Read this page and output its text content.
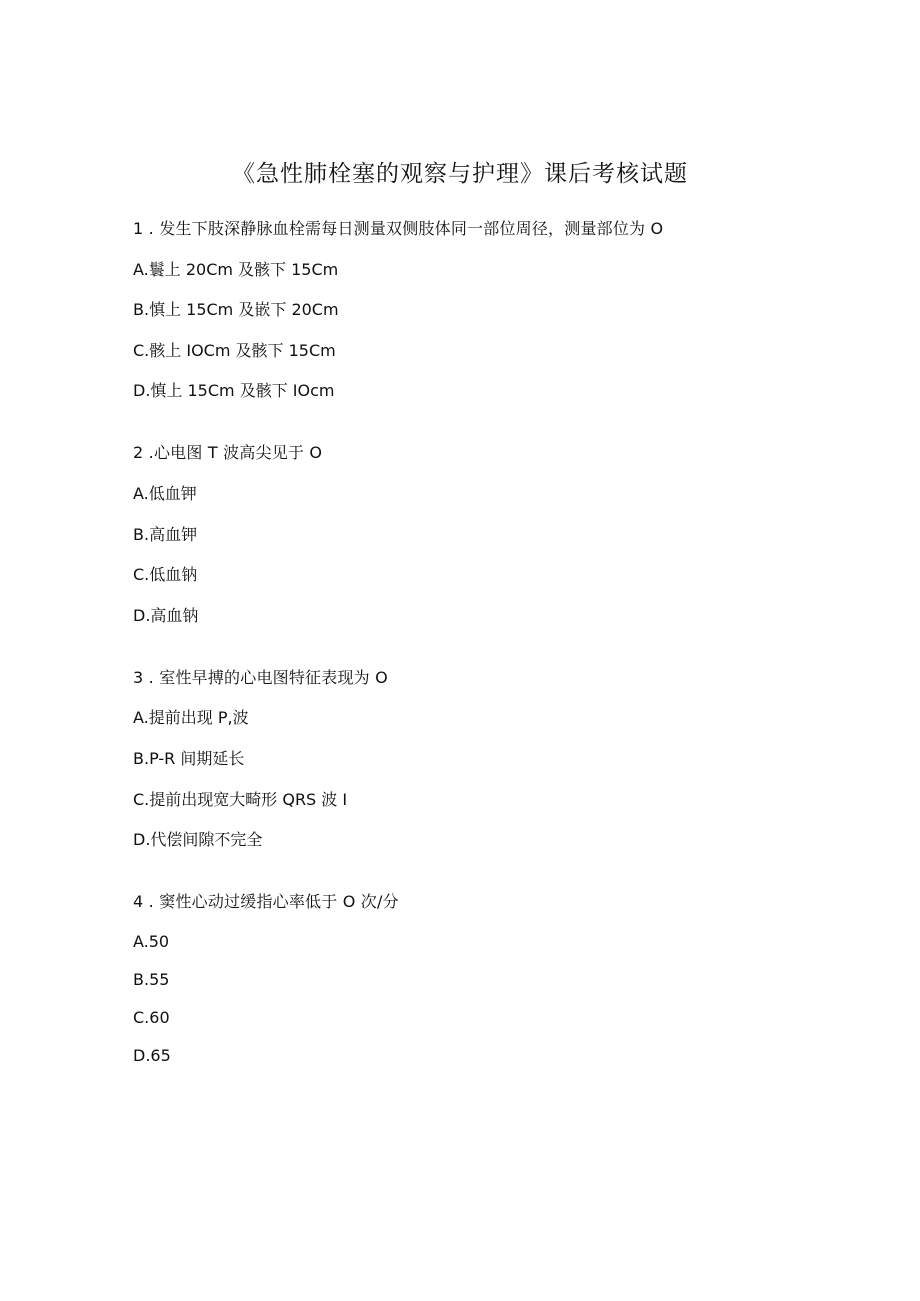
《急性肺栓塞的观察与护理》课后考核试题
1 . 发生下肢深静脉血栓需每日测量双侧肢体同一部位周径，测量部位为 O
A.鬟上 20Cm 及骸下 15Cm
B.慎上 15Cm 及嵌下 20Cm
C.骸上 IOCm 及骸下 15Cm
D.慎上 15Cm 及骸下 IOcm
2 .心电图 T 波高尖见于 O
A.低血钾
B.高血钾
C.低血钠
D.高血钠
3 . 室性早搏的心电图特征表现为 O
A.提前出现 P,波
B.P-R 间期延长
C.提前出现宽大畸形 QRS 波 I
D.代偿间隙不完全
4 . 窦性心动过缓指心率低于 O 次/分
A.50
B.55
C.60
D.65
